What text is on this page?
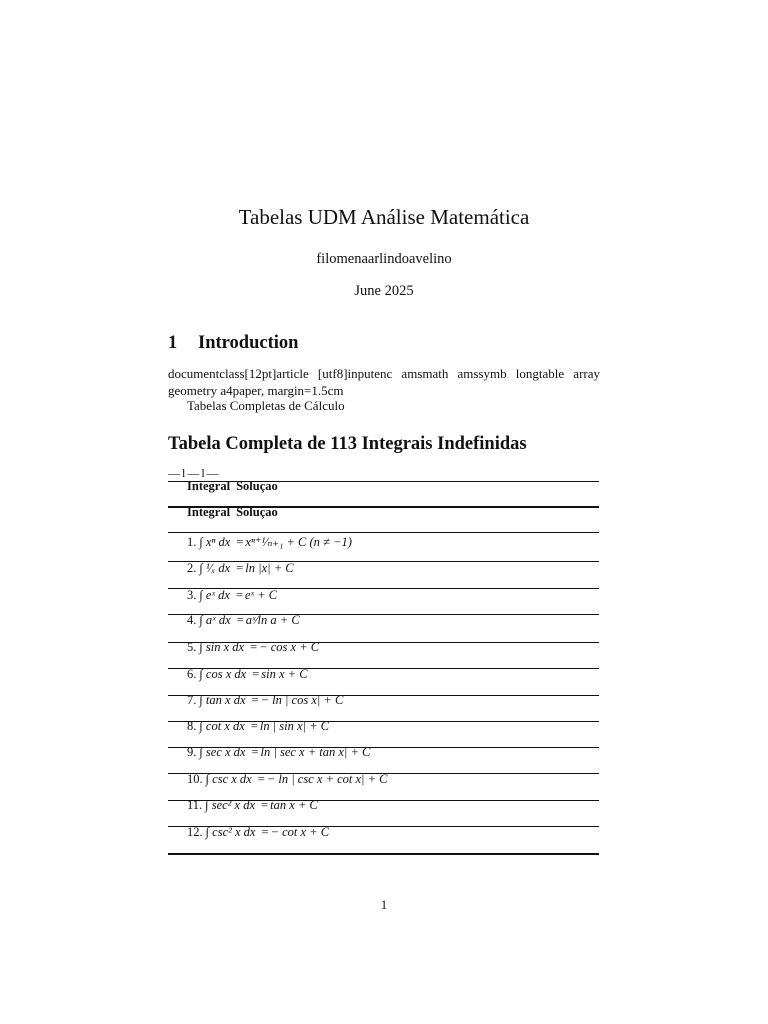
Tabelas UDM Análise Matemática
filomenaarlindoavelino
June 2025
1 Introduction
documentclass[12pt]article [utf8]inputenc amsmath amssymb longtable array geometry a4paper, margin=1.5cm
Tabelas Completas de Cálculo
Tabela Completa de 113 Integrais Indefinidas
—l—l—
Integral Soluçao
Integral Soluçao
1. ∫ xⁿ dx = xⁿ⁺¹⁄ₙ₊₁ + C (n ≠ −1)
2. ∫ ¹⁄ₓ dx = ln |x| + C
3. ∫ eˣ dx = eˣ + C
4. ∫ aˣ dx = aˣ⁄ln a + C
5. ∫ sin x dx = − cos x + C
6. ∫ cos x dx = sin x + C
7. ∫ tan x dx = − ln | cos x| + C
8. ∫ cot x dx = ln | sin x| + C
9. ∫ sec x dx = ln | sec x + tan x| + C
10. ∫ csc x dx = − ln | csc x + cot x| + C
11. ∫ sec² x dx = tan x + C
12. ∫ csc² x dx = − cot x + C
1
